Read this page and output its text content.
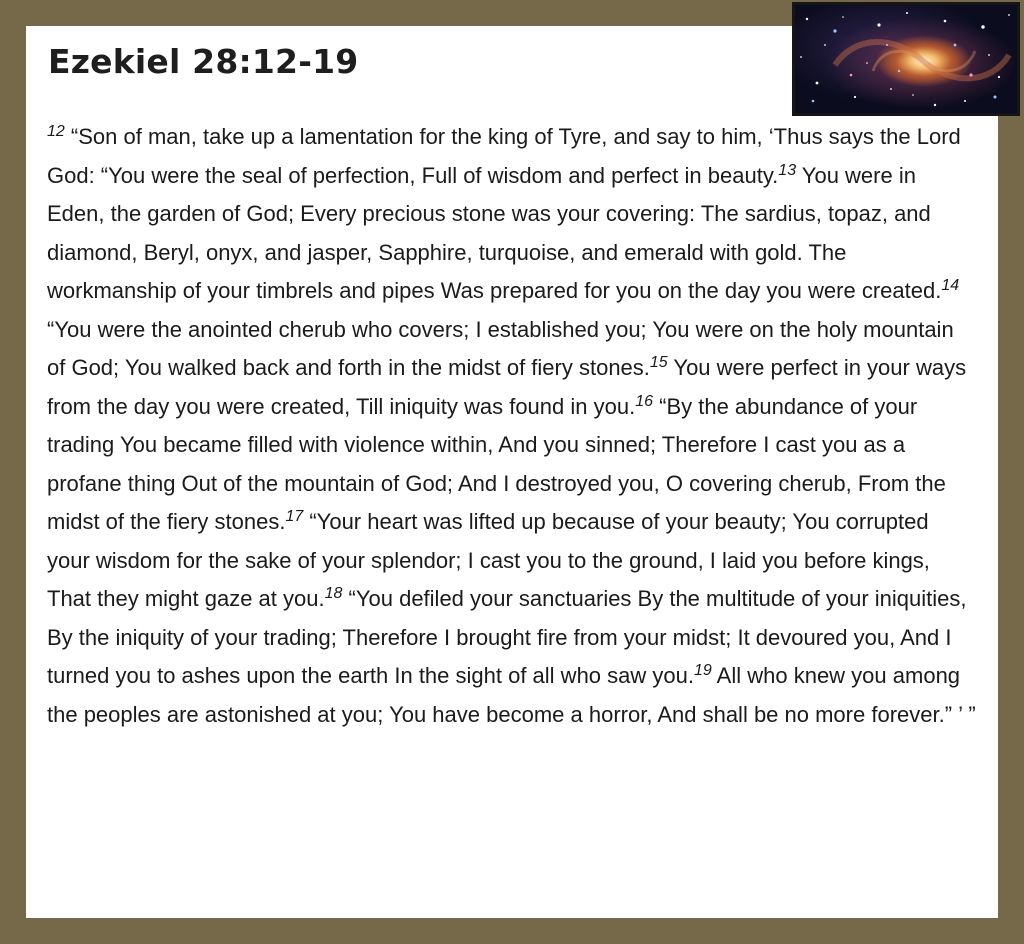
Ezekiel 28:12-19

$^{12}$ “Son of man, take up a lamentation for the king of Tyre, and say to him, ‘Thus says the Lord God: “You were the seal of perfection, Full of wisdom and perfect in beauty.$^{13}$ You were in Eden, the garden of God; Every precious stone was your covering: The sardius, topaz, and diamond, Beryl, onyx, and jasper, Sapphire, turquoise, and emerald with gold. The workmanship of your timbrels and pipes Was prepared for you on the day you were created.$^{14}$ “You were the anointed cherub who covers; I established you; You were on the holy mountain of God; You walked back and forth in the midst of fiery stones.$^{15}$ You were perfect in your ways from the day you were created, Till iniquity was found in you.$^{16}$ “By the abundance of your trading You became filled with violence within, And you sinned; Therefore I cast you as a profane thing Out of the mountain of God; And I destroyed you, O covering cherub, From the midst of the fiery stones.$^{17}$ “Your heart was lifted up because of your beauty; You corrupted your wisdom for the sake of your splendor; I cast you to the ground, I laid you before kings, That they might gaze at you.$^{18}$ “You defiled your sanctuaries By the multitude of your iniquities, By the iniquity of your trading; Therefore I brought fire from your midst; It devoured you, And I turned you to ashes upon the earth In the sight of all who saw you.$^{19}$ All who knew you among the peoples are astonished at you; You have become a horror, And shall be no more forever.” ’ ”
